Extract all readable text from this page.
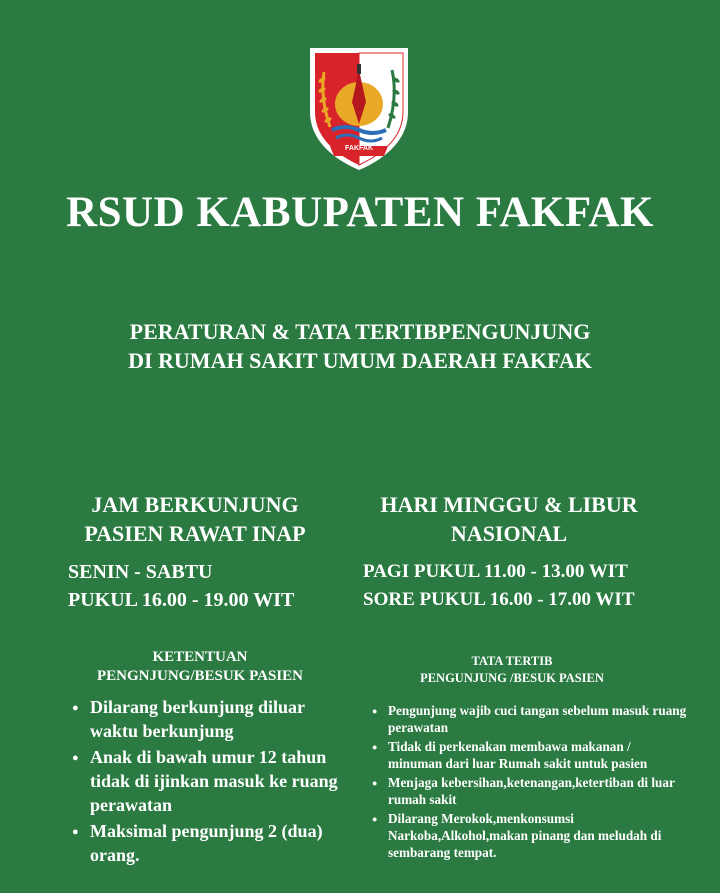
FAKFAK
RSUD KABUPATEN FAKFAK
PERATURAN & TATA TERTIBPENGUNJUNG
DI RUMAH SAKIT UMUM DAERAH FAKFAK
JAM BERKUNJUNG
PASIEN RAWAT INAP
SENIN - SABTU
PUKUL 16.00 - 19.00 WIT
HARI MINGGU & LIBUR
NASIONAL
PAGI PUKUL 11.00 - 13.00 WIT
SORE PUKUL 16.00 - 17.00 WIT
KETENTUAN
PENGNJUNG/BESUK PASIEN
● Dilarang berkunjung diluar waktu berkunjung
● Anak di bawah umur 12 tahun tidak di ijinkan masuk ke ruang perawatan
● Maksimal pengunjung 2 (dua) orang.
TATA TERTIB
PENGUNJUNG /BESUK PASIEN
● Pengunjung wajib cuci tangan sebelum masuk ruang perawatan
● Tidak di perkenakan membawa makanan / minuman dari luar Rumah sakit untuk pasien
● Menjaga kebersihan,ketenangan,ketertiban di luar rumah sakit
● Dilarang Merokok,menkonsumsi Narkoba,Alkohol,makan pinang dan meludah di sembarang tempat.
